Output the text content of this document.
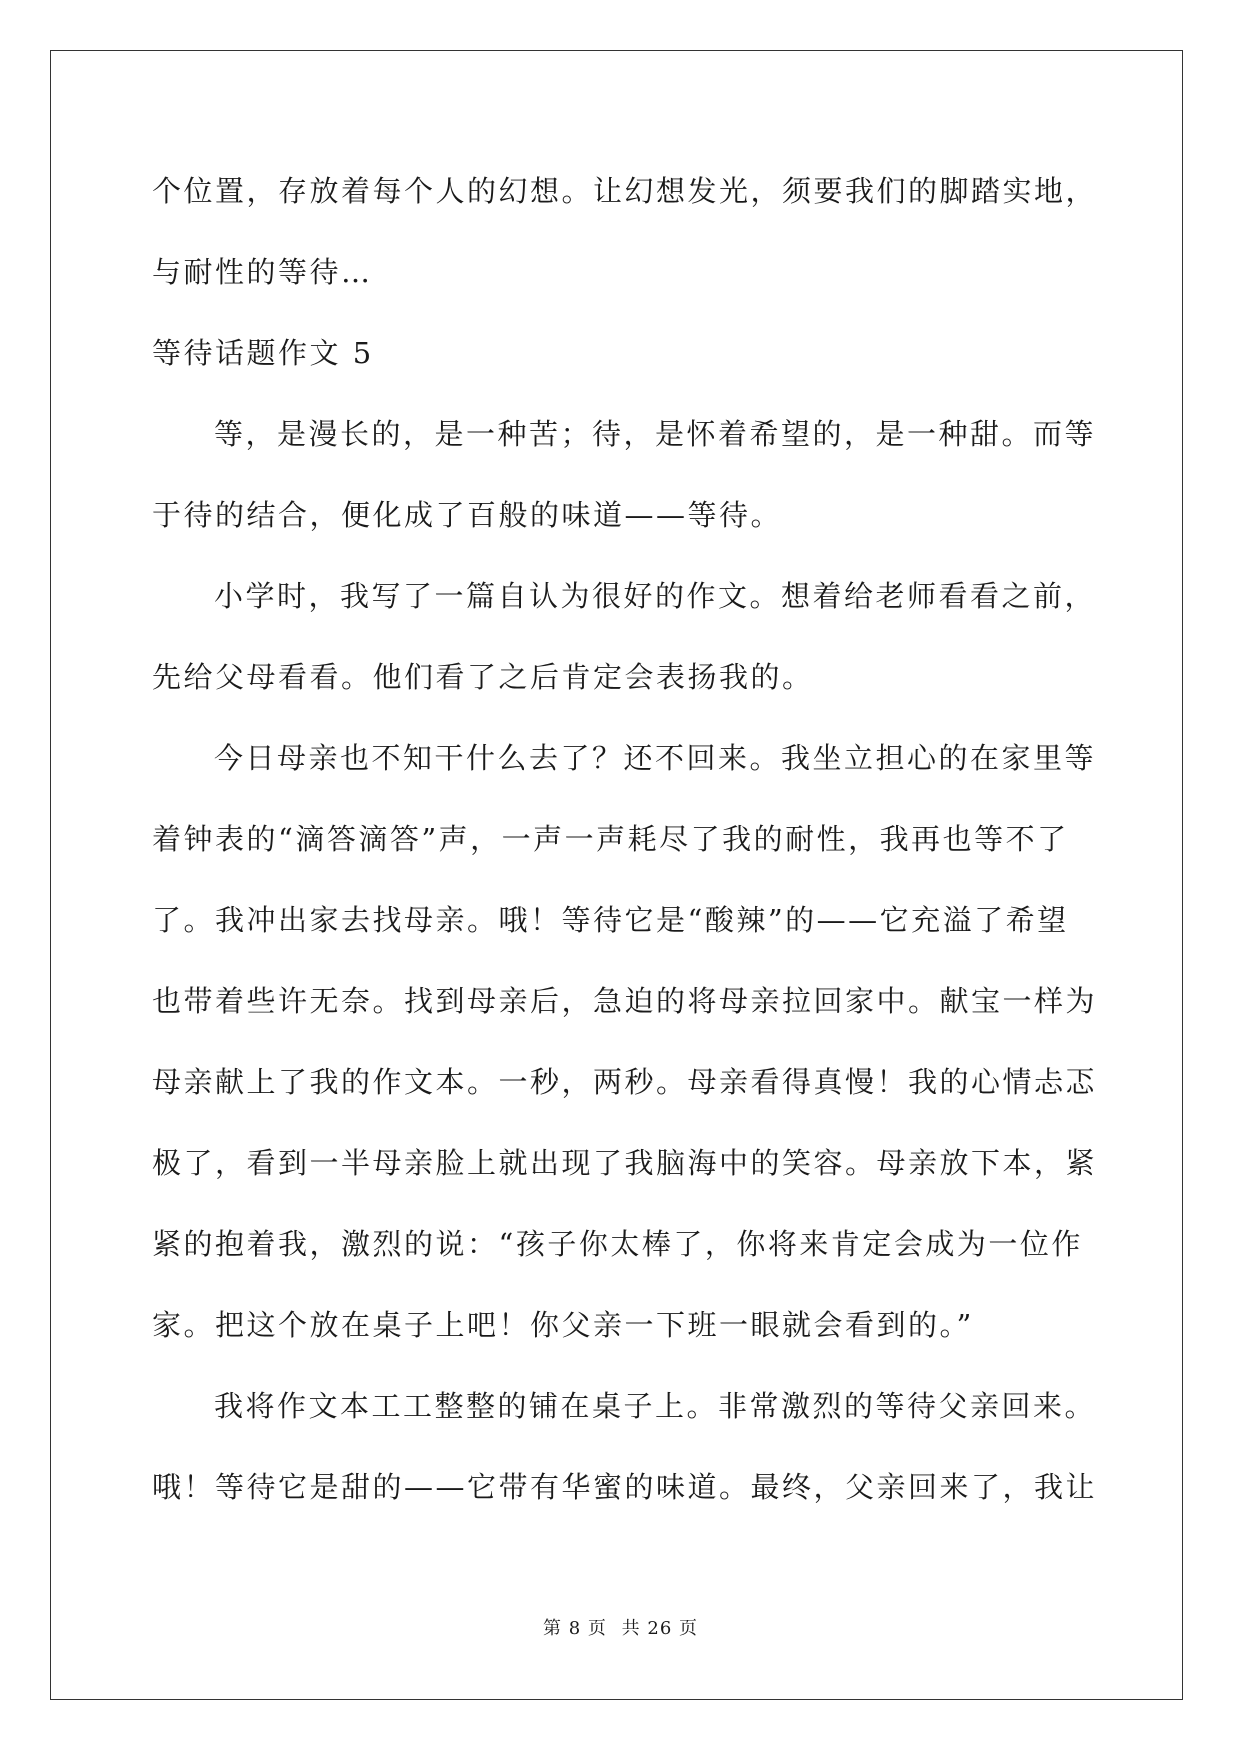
个位置，存放着每个人的幻想。让幻想发光，须要我们的脚踏实地，
与耐性的等待…
等待话题作文 5
等，是漫长的，是一种苦；待，是怀着希望的，是一种甜。而等
于待的结合，便化成了百般的味道——等待。
小学时，我写了一篇自认为很好的作文。想着给老师看看之前，
先给父母看看。他们看了之后肯定会表扬我的。
今日母亲也不知干什么去了？还不回来。我坐立担心的在家里等
着钟表的“滴答滴答”声，一声一声耗尽了我的耐性，我再也等不了
了。我冲出家去找母亲。哦！等待它是“酸辣”的——它充溢了希望
也带着些许无奈。找到母亲后，急迫的将母亲拉回家中。献宝一样为
母亲献上了我的作文本。一秒，两秒。母亲看得真慢！我的心情忐忑
极了，看到一半母亲脸上就出现了我脑海中的笑容。母亲放下本，紧
紧的抱着我，激烈的说：“孩子你太棒了，你将来肯定会成为一位作
家。把这个放在桌子上吧！你父亲一下班一眼就会看到的。”
我将作文本工工整整的铺在桌子上。非常激烈的等待父亲回来。
哦！等待它是甜的——它带有华蜜的味道。最终，父亲回来了，我让
第 8 页 共 26 页
